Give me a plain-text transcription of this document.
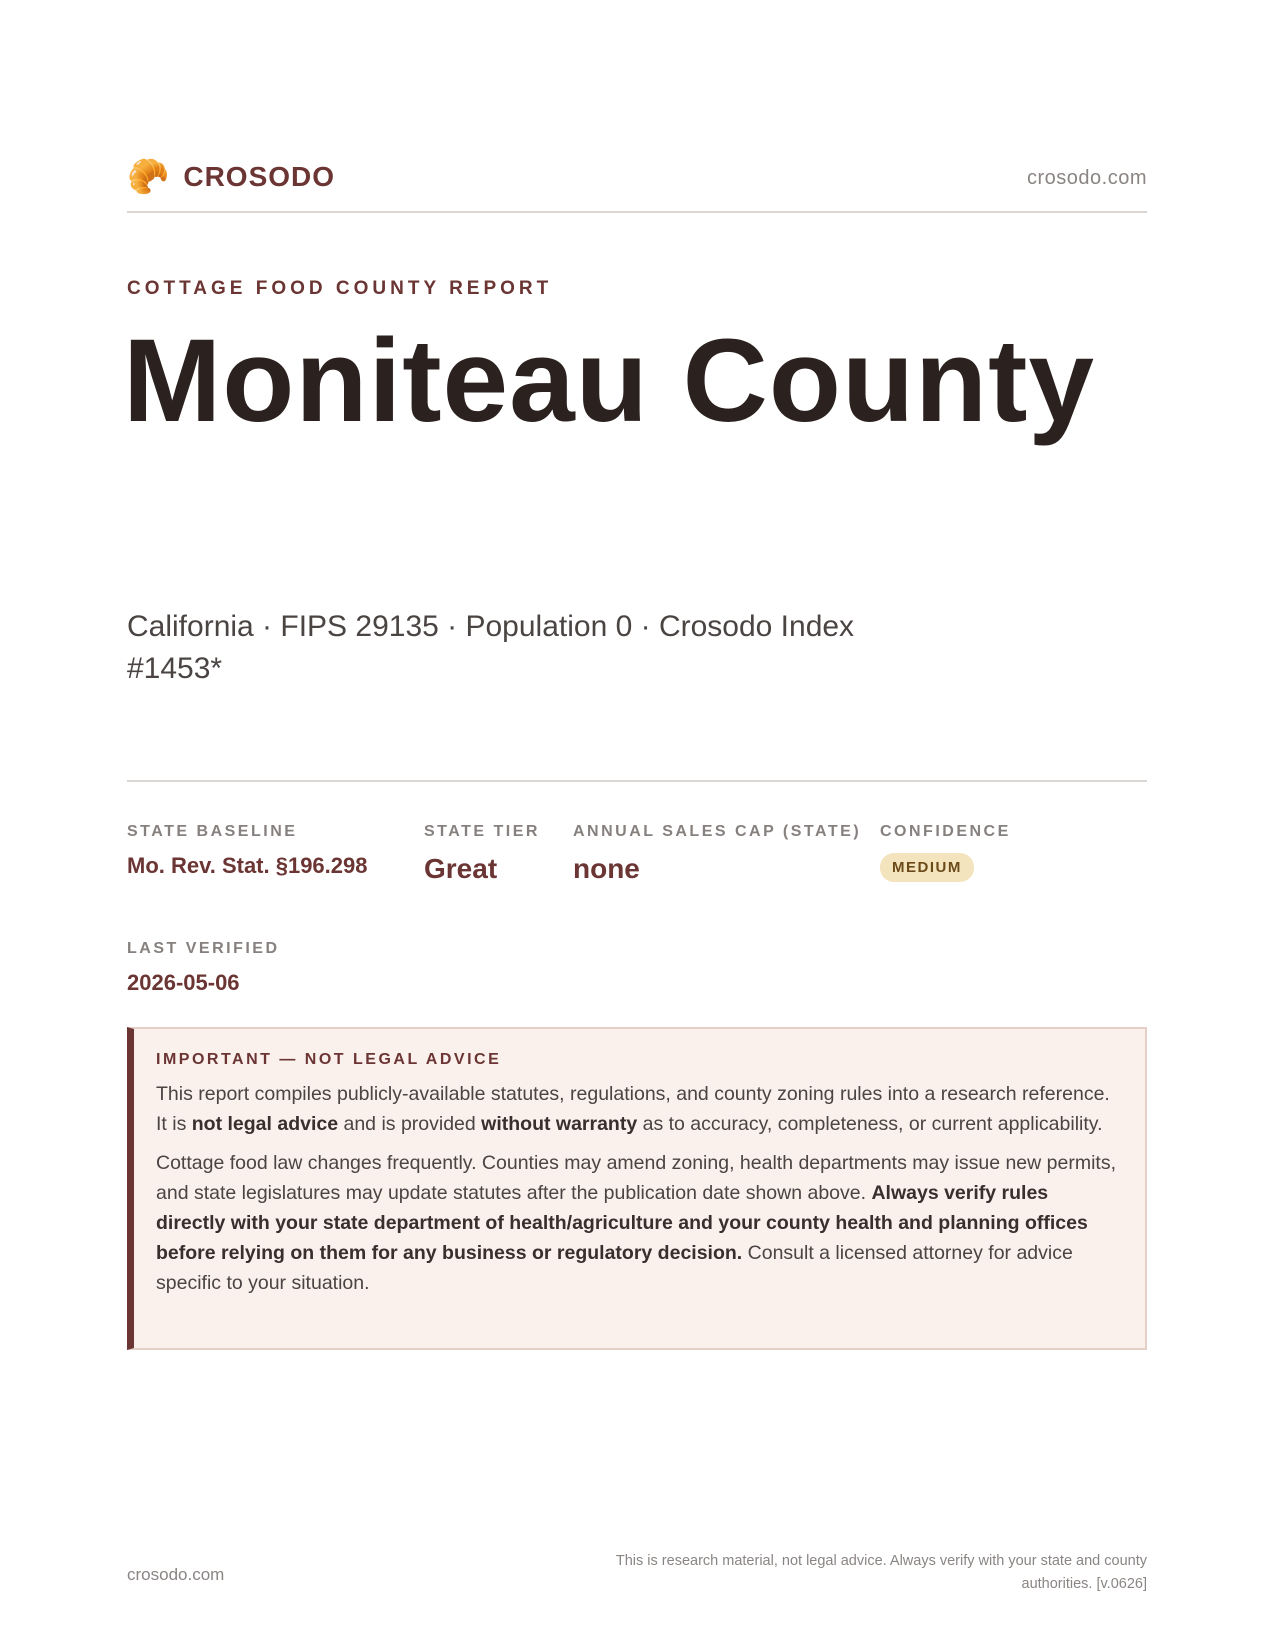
🥐 CROSODO	crosodo.com
COTTAGE FOOD COUNTY REPORT
Moniteau County
California · FIPS 29135 · Population 0 · Crosodo Index #1453*
STATE BASELINE
Mo. Rev. Stat. §196.298
STATE TIER
Great
ANNUAL SALES CAP (STATE)
none
CONFIDENCE
MEDIUM
LAST VERIFIED
2026-05-06
IMPORTANT — NOT LEGAL ADVICE

This report compiles publicly-available statutes, regulations, and county zoning rules into a research reference. It is not legal advice and is provided without warranty as to accuracy, completeness, or current applicability.

Cottage food law changes frequently. Counties may amend zoning, health departments may issue new permits, and state legislatures may update statutes after the publication date shown above. Always verify rules directly with your state department of health/agriculture and your county health and planning offices before relying on them for any business or regulatory decision. Consult a licensed attorney for advice specific to your situation.

crosodo.com
This is research material, not legal advice. Always verify with your state and county authorities. [v.0626]
